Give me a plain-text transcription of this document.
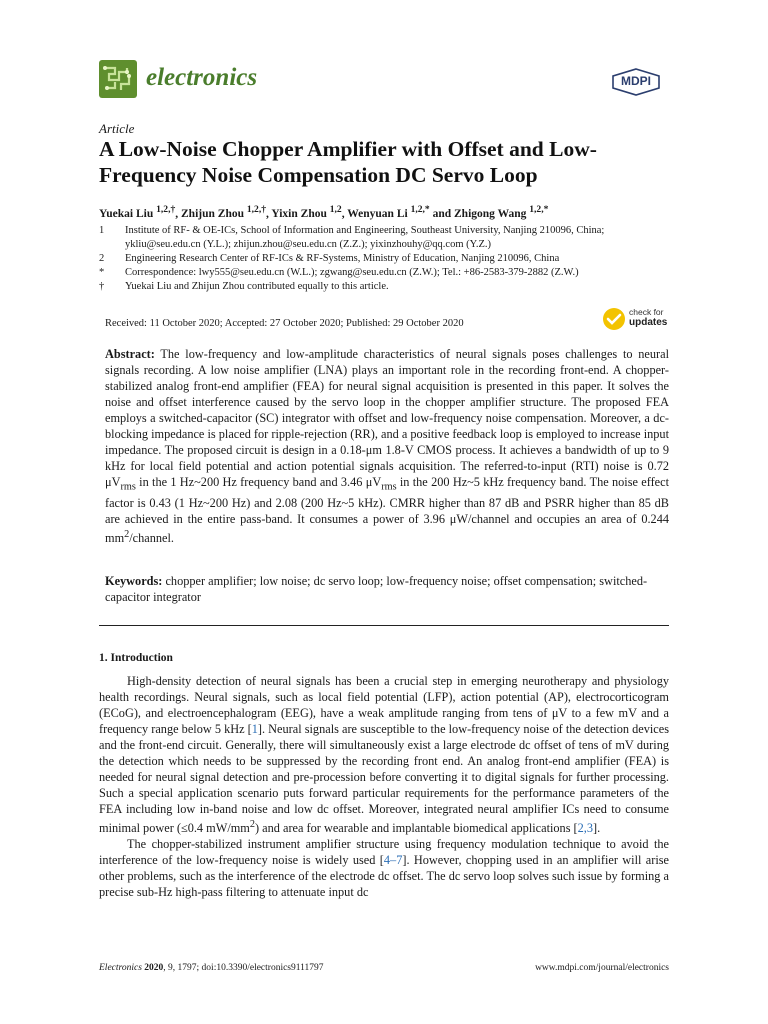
electronics	MDPI
Article
A Low-Noise Chopper Amplifier with Offset and Low-Frequency Noise Compensation DC Servo Loop
Yuekai Liu $^{1,2,\dagger}$, Zhijun Zhou $^{1,2,\dagger}$, Yixin Zhou $^{1,2}$, Wenyuan Li $^{1,2,*}$ and Zhigong Wang $^{1,2,*}$
1	Institute of RF- & OE-ICs, School of Information and Engineering, Southeast University, Nanjing 210096, China; ykliu@seu.edu.cn (Y.L.); zhijun.zhou@seu.edu.cn (Z.Z.); yixinzhouhy@qq.com (Y.Z.)
2	Engineering Research Center of RF-ICs & RF-Systems, Ministry of Education, Nanjing 210096, China
*	Correspondence: lwy555@seu.edu.cn (W.L.); zgwang@seu.edu.cn (Z.W.); Tel.: +86-2583-379-2882 (Z.W.)
†	Yuekai Liu and Zhijun Zhou contributed equally to this article.
Received: 11 October 2020; Accepted: 27 October 2020; Published: 29 October 2020
check for
updates
Abstract: The low-frequency and low-amplitude characteristics of neural signals poses challenges to neural signals recording. A low noise amplifier (LNA) plays an important role in the recording front-end. A chopper-stabilized analog front-end amplifier (FEA) for neural signal acquisition is presented in this paper. It solves the noise and offset interference caused by the servo loop in the chopper amplifier structure. The proposed FEA employs a switched-capacitor (SC) integrator with offset and low-frequency noise compensation. Moreover, a dc-blocking impedance is placed for ripple-rejection (RR), and a positive feedback loop is employed to increase input impedance. The proposed circuit is design in a 0.18-μm 1.8-V CMOS process. It achieves a bandwidth of up to 9 kHz for local field potential and action potential signals acquisition. The referred-to-input (RTI) noise is 0.72 $\mu V_{rms}$ in the 1 Hz~200 Hz frequency band and 3.46 $\mu V_{rms}$ in the 200 Hz~5 kHz frequency band. The noise effect factor is 0.43 (1 Hz~200 Hz) and 2.08 (200 Hz~5 kHz). CMRR higher than 87 dB and PSRR higher than 85 dB are achieved in the entire pass-band. It consumes a power of 3.96 μW/channel and occupies an area of 0.244 $mm^2$/channel.
Keywords: chopper amplifier; low noise; dc servo loop; low-frequency noise; offset compensation; switched-capacitor integrator
1. Introduction

High-density detection of neural signals has been a crucial step in emerging neurotherapy and physiology health recordings. Neural signals, such as local field potential (LFP), action potential (AP), electrocorticogram (ECoG), and electroencephalogram (EEG), have a weak amplitude ranging from tens of μV to a few mV and a frequency range below 5 kHz [1]. Neural signals are susceptible to the low-frequency noise of the detection devices and the front-end circuit. Generally, there will simultaneously exist a large electrode dc offset of tens of mV during the detection which needs to be suppressed by the recording front end. An analog front-end amplifier (FEA) is needed for neural signal detection and pre-procession before converting it to digital signals for further processing. Such a special application scenario puts forward particular requirements for the performance parameters of the FEA including low in-band noise and low dc offset. Moreover, integrated neural amplifier ICs need to consume minimal power (≤0.4 $mW/mm^2$) and area for wearable and implantable biomedical applications [2,3].

The chopper-stabilized instrument amplifier structure using frequency modulation technique to avoid the interference of the low-frequency noise is widely used [4–7]. However, chopping used in an amplifier will arise other problems, such as the interference of the electrode dc offset. The dc servo loop solves such issue by forming a precise sub-Hz high-pass filtering to attenuate input dc

Electronics 2020, 9, 1797; doi:10.3390/electronics9111797	www.mdpi.com/journal/electronics
